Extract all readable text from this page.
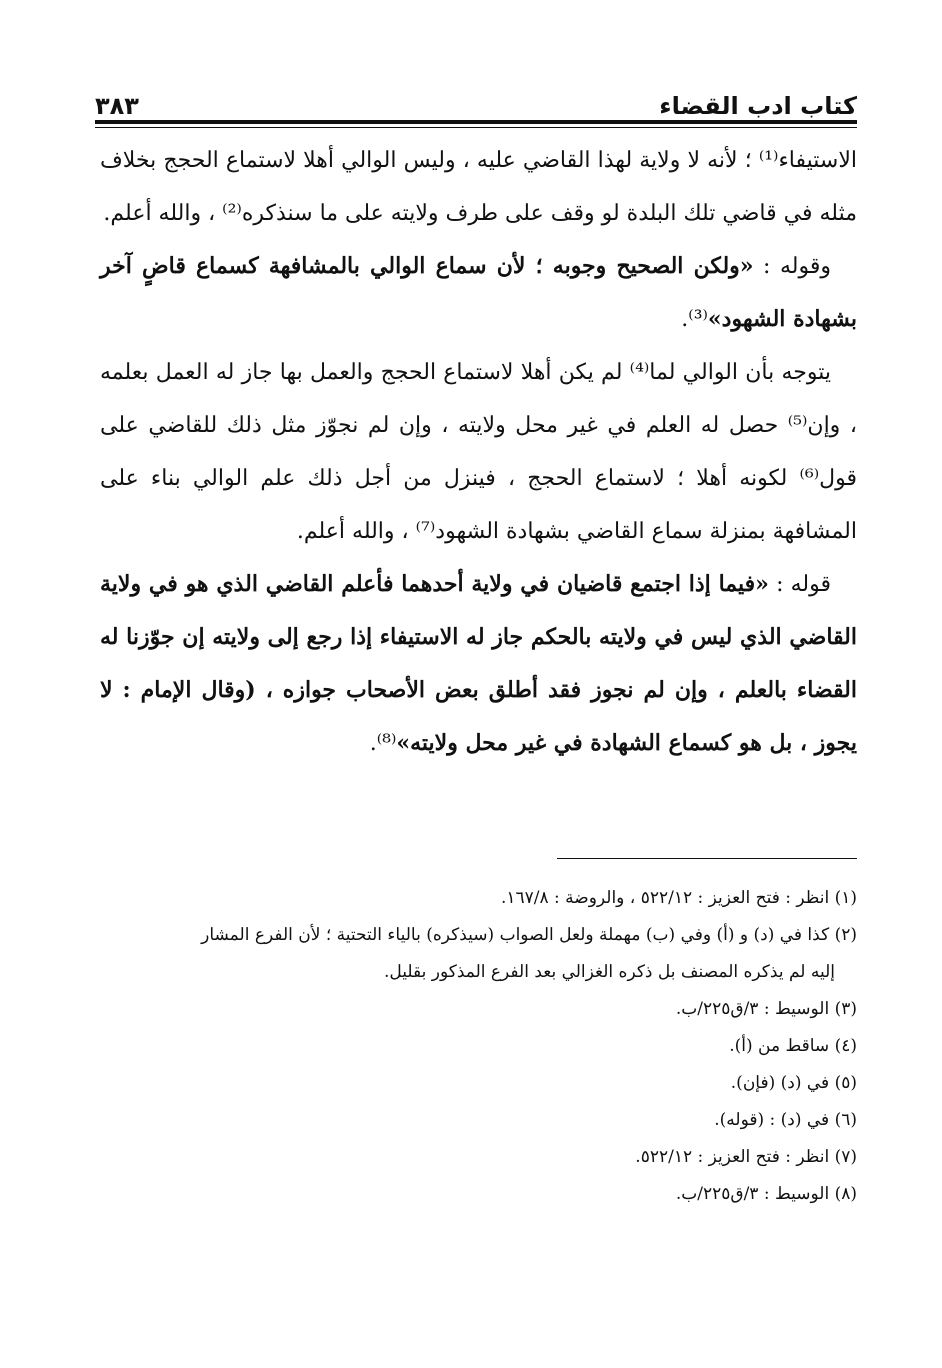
كتاب ادب القضاء
٣٨٣

الاستيفاء⁽¹⁾ ؛ لأنه لا ولاية لهذا القاضي عليه ، وليس الوالي أهلا لاستماع الحجج بخلاف مثله في قاضي تلك البلدة لو وقف على طرف ولايته على ما سنذكره⁽²⁾ ، والله أعلم.

وقوله : «ولكن الصحيح وجوبه ؛ لأن سماع الوالي بالمشافهة كسماع قاضٍ آخر بشهادة الشهود»⁽³⁾.

يتوجه بأن الوالي لما⁽⁴⁾ لم يكن أهلا لاستماع الحجج والعمل بها جاز له العمل بعلمه ، وإن⁽⁵⁾ حصل له العلم في غير محل ولايته ، وإن لم نجوّز مثل ذلك للقاضي على قول⁽⁶⁾ لكونه أهلا ؛ لاستماع الحجج ، فينزل من أجل ذلك علم الوالي بناء على المشافهة بمنزلة سماع القاضي بشهادة الشهود⁽⁷⁾ ، والله أعلم.

قوله : «فيما إذا اجتمع قاضيان في ولاية أحدهما فأعلم القاضي الذي هو في ولاية القاضي الذي ليس في ولايته بالحكم جاز له الاستيفاء إذا رجع إلى ولايته إن جوّزنا له القضاء بالعلم ، وإن لم نجوز فقد أطلق بعض الأصحاب جوازه ، (وقال الإمام : لا يجوز ، بل هو كسماع الشهادة في غير محل ولايته»⁽⁸⁾.

(١) انظر : فتح العزيز : ٥٢٢/١٢ ، والروضة : ١٦٧/٨.

(٢) كذا في (د) و (أ) وفي (ب) مهملة ولعل الصواب (سيذكره) بالياء التحتية ؛ لأن الفرع المشار

إليه لم يذكره المصنف بل ذكره الغزالي بعد الفرع المذكور بقليل.

(٣) الوسيط : ٣/ق٢٢٥/ب.

(٤) ساقط من (أ).

(٥) في (د) (فإن).

(٦) في (د) : (قوله).

(٧) انظر : فتح العزيز : ٥٢٢/١٢.

(٨) الوسيط : ٣/ق٢٢٥/ب.
